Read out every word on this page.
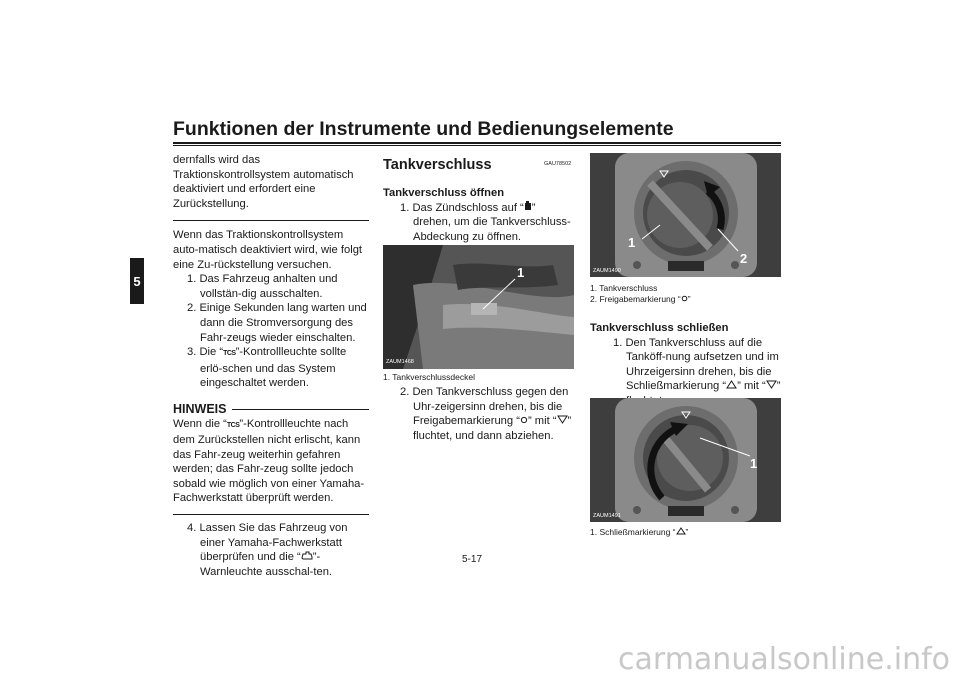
Funktionen der Instrumente und Bedienungselemente
5

dernfalls wird das Traktionskontrollsystem automatisch deaktiviert und erfordert eine Zurückstellung.

Wenn das Traktionskontrollsystem auto-matisch deaktiviert wird, wie folgt eine Zu-rückstellung versuchen.

1. Das Fahrzeug anhalten und vollstän-dig ausschalten.
2. Einige Sekunden lang warten und dann die Stromversorgung des Fahr-zeugs wieder einschalten.
3. Die “TCS”-Kontrollleuchte sollte erlö-schen und das System eingeschaltet werden.
HINWEIS

Wenn die “TCS”-Kontrollleuchte nach dem Zurückstellen nicht erlischt, kann das Fahr-zeug weiterhin gefahren werden; das Fahr-zeug sollte jedoch sobald wie möglich von einer Yamaha-Fachwerkstatt überprüft werden.

4. Lassen Sie das Fahrzeug von einer Yamaha-Fachwerkstatt überprüfen und die “ ”-Warnleuchte ausschal-ten.
GAU78502
Tankverschluss
Tankverschluss öffnen
1. Das Zündschloss auf “ ” drehen, um die Tankverschluss-Abdeckung zu öffnen.
1
ZAUM1468
1. Tankverschlussdeckel
2. Den Tankverschluss gegen den Uhr-zeigersinn drehen, bis die Freigabemarkierung “ ” mit “ ” fluchtet, und dann abziehen.
1
2
ZAUM1490
1. Tankverschluss
2. Freigabemarkierung “ ”
Tankverschluss schließen
1. Den Tankverschluss auf die Tanköff-nung aufsetzen und im Uhrzeigersinn drehen, bis die Schließmarkierung “ ” mit “ ”
1
ZAUM1491
1. Schließmarkierung “ ”
5-17
carmanualsonline.info
